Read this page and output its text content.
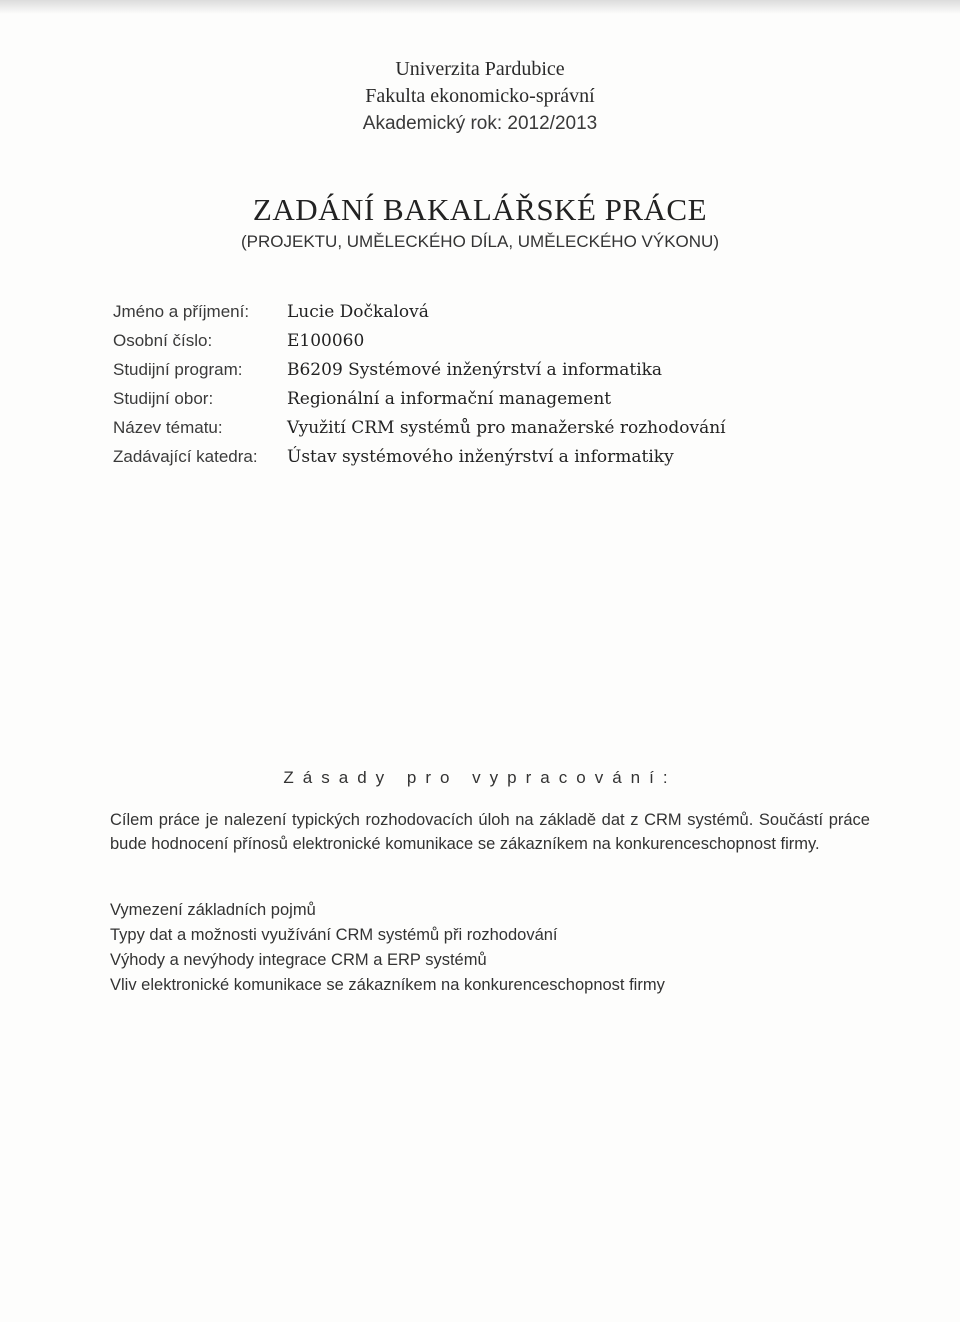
Univerzita Pardubice
Fakulta ekonomicko-správní
Akademický rok: 2012/2013
ZADÁNÍ BAKALÁŘSKÉ PRÁCE
(PROJEKTU, UMĚLECKÉHO DÍLA, UMĚLECKÉHO VÝKONU)
Jméno a příjmení:	Lucie Dočkalová
Osobní číslo:	E100060
Studijní program:	B6209 Systémové inženýrství a informatika
Studijní obor:	Regionální a informační management
Název tématu:	Využití CRM systémů pro manažerské rozhodování
Zadávající katedra:	Ústav systémového inženýrství a informatiky
Zásady pro vypracování:
Cílem práce je nalezení typických rozhodovacích úloh na základě dat z CRM systémů. Součástí práce bude hodnocení přínosů elektronické komunikace se zákazníkem na konkurenceschopnost firmy.
Vymezení základních pojmů
Typy dat a možnosti využívání CRM systémů při rozhodování
Výhody a nevýhody integrace CRM a ERP systémů
Vliv elektronické komunikace se zákazníkem na konkurenceschopnost firmy
